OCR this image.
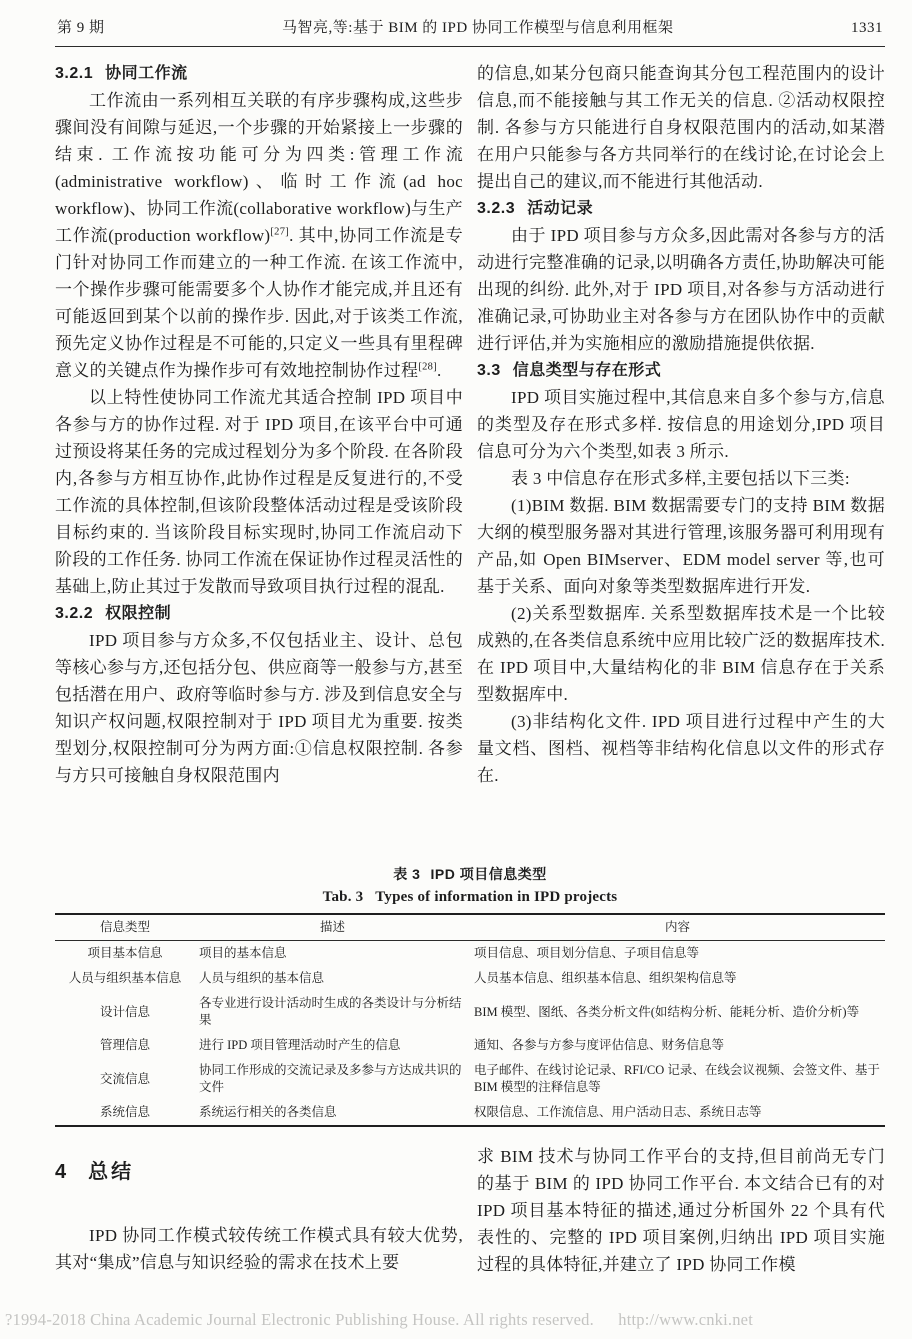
第 9 期	马智亮,等:基于 BIM 的 IPD 协同工作模型与信息利用框架	1331
3.2.1 协同工作流

工作流由一系列相互关联的有序步骤构成,这些步骤间没有间隙与延迟,一个步骤的开始紧接上一步骤的结束. 工作流按功能可分为四类:管理工作流(administrative workflow)、临时工作流(ad hoc workflow)、协同工作流(collaborative workflow)与生产工作流(production workflow)[27]. 其中,协同工作流是专门针对协同工作而建立的一种工作流. 在该工作流中,一个操作步骤可能需要多个人协作才能完成,并且还有可能返回到某个以前的操作步. 因此,对于该类工作流,预先定义协作过程是不可能的,只定义一些具有里程碑意义的关键点作为操作步可有效地控制协作过程[28].

以上特性使协同工作流尤其适合控制 IPD 项目中各参与方的协作过程. 对于 IPD 项目,在该平台中可通过预设将某任务的完成过程划分为多个阶段. 在各阶段内,各参与方相互协作,此协作过程是反复进行的,不受工作流的具体控制,但该阶段整体活动过程是受该阶段目标约束的. 当该阶段目标实现时,协同工作流启动下阶段的工作任务. 协同工作流在保证协作过程灵活性的基础上,防止其过于发散而导致项目执行过程的混乱.

3.2.2 权限控制

IPD 项目参与方众多,不仅包括业主、设计、总包等核心参与方,还包括分包、供应商等一般参与方,甚至包括潜在用户、政府等临时参与方. 涉及到信息安全与知识产权问题,权限控制对于 IPD 项目尤为重要. 按类型划分,权限控制可分为两方面:①信息权限控制. 各参与方只可接触自身权限范围内

的信息,如某分包商只能查询其分包工程范围内的设计信息,而不能接触与其工作无关的信息. ②活动权限控制. 各参与方只能进行自身权限范围内的活动,如某潜在用户只能参与各方共同举行的在线讨论,在讨论会上提出自己的建议,而不能进行其他活动.

3.2.3 活动记录

由于 IPD 项目参与方众多,因此需对各参与方的活动进行完整准确的记录,以明确各方责任,协助解决可能出现的纠纷. 此外,对于 IPD 项目,对各参与方活动进行准确记录,可协助业主对各参与方在团队协作中的贡献进行评估,并为实施相应的激励措施提供依据.

3.3 信息类型与存在形式

IPD 项目实施过程中,其信息来自多个参与方,信息的类型及存在形式多样. 按信息的用途划分,IPD 项目信息可分为六个类型,如表 3 所示.

表 3 中信息存在形式多样,主要包括以下三类:

(1)BIM 数据. BIM 数据需要专门的支持 BIM 数据大纲的模型服务器对其进行管理,该服务器可利用现有产品,如 Open BIMserver、EDM model server 等,也可基于关系、面向对象等类型数据库进行开发.

(2)关系型数据库. 关系型数据库技术是一个比较成熟的,在各类信息系统中应用比较广泛的数据库技术. 在 IPD 项目中,大量结构化的非 BIM 信息存在于关系型数据库中.

(3)非结构化文件. IPD 项目进行过程中产生的大量文档、图档、视档等非结构化信息以文件的形式存在.

表 3 IPD 项目信息类型
Tab. 3 Types of information in IPD projects
信息类型	描述	内容
项目基本信息	项目的基本信息	项目信息、项目划分信息、子项目信息等
人员与组织基本信息	人员与组织的基本信息	人员基本信息、组织基本信息、组织架构信息等
设计信息	各专业进行设计活动时生成的各类设计与分析结果	BIM 模型、图纸、各类分析文件(如结构分析、能耗分析、造价分析)等
管理信息	进行 IPD 项目管理活动时产生的信息	通知、各参与方参与度评估信息、财务信息等
交流信息	协同工作形成的交流记录及多参与方达成共识的文件	电子邮件、在线讨论记录、RFI/CO 记录、在线会议视频、会签文件、基于 BIM 模型的注释信息等
系统信息	系统运行相关的各类信息	权限信息、工作流信息、用户活动日志、系统日志等
4 总结

IPD 协同工作模式较传统工作模式具有较大优势,其对“集成”信息与知识经验的需求在技术上要

求 BIM 技术与协同工作平台的支持,但目前尚无专门的基于 BIM 的 IPD 协同工作平台. 本文结合已有的对 IPD 项目基本特征的描述,通过分析国外 22 个具有代表性的、完整的 IPD 项目案例,归纳出 IPD 项目实施过程的具体特征,并建立了 IPD 协同工作模

?1994-2018 China Academic Journal Electronic Publishing House. All rights reserved. http://www.cnki.net
